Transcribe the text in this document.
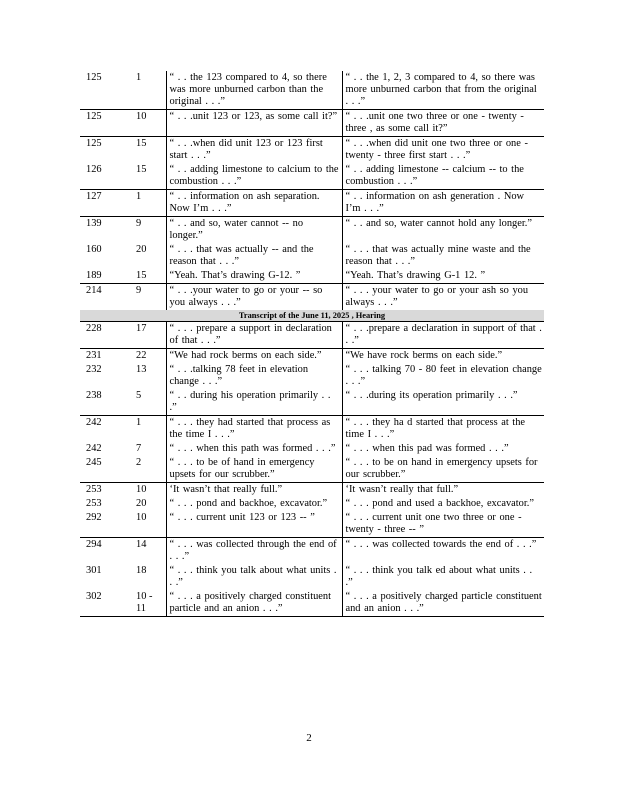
125	1	“ . . the 123 compared to 4, so there was more unburned carbon than the original . . .”	“ . . the 1, 2, 3 compared to 4, so there was more unburned carbon that from the original . . .”
125	10	“ . . .unit 123 or 123, as some call it?”	“ . . .unit one two three or one - twenty - three , as some call it?”
125	15	“ . . .when did unit 123 or 123 first start . . .”	“ . . .when did unit one two three or one - twenty - three first start . . .”
126	15	“ . . adding limestone to calcium to the combustion . . .”	“ . . adding limestone -- calcium -- to the combustion . . .”
127	1	“ . . information on ash separation. Now I’m . . .”	“ . . information on ash generation . Now I’m . . .”
139	9	“ . . and so, water cannot -- no longer.”	“ . . and so, water cannot hold any longer.”
160	20	“ . . . that was actually -- and the reason that . . .”	“ . . . that was actually mine waste and the reason that . . .”
189	15	“Yeah. That’s drawing G-12. ”	“Yeah. That’s drawing G-1 12. ”
214	9	“ . . .your water to go or your -- so you always . . .”	“ . . . your water to go or your ash so you always . . .”
Transcript of the June 11, 2025 , Hearing			
228	17	“ . . . prepare a support in declaration of that . . .”	“ . . .prepare a declaration in support of that . . .”
231	22	“We had rock berms on each side.”	“We have rock berms on each side.”
232	13	“ . . .talking 78 feet in elevation change . . .”	“ . . . talking 70 - 80 feet in elevation change . . .”
238	5	“ . . during his operation primarily . . .”	“ . . .during its operation primarily . . .”
242	1	“ . . . they had started that process as the time I . . .”	“ . . . they ha d started that process at the time I . . .”
242	7	“ . . . when this path was formed . . .”	“ . . . when this pad was formed . . .”
245	2	“ . . . to be of hand in emergency upsets for our scrubber.”	“ . . . to be on hand in emergency upsets for our scrubber.”
253	10	‘It wasn’t that really full.”	‘It wasn’t really that full.”
253	20	“ . . . pond and backhoe, excavator.”	“ . . . pond and used a backhoe, excavator.”
292	10	“ . . . current unit 123 or 123 -- ”	“ . . . current unit one two three or one - twenty - three -- ”
294	14	“ . . . was collected through the end of . . .”	“ . . . was collected towards the end of . . .”
301	18	“ . . . think you talk about what units . . .”	“ . . . think you talk ed about what units . . .”
302	10 - 11	“ . . . a positively charged constituent particle and an anion . . .”	“ . . . a positively charged particle constituent and an anion . . .”
2
